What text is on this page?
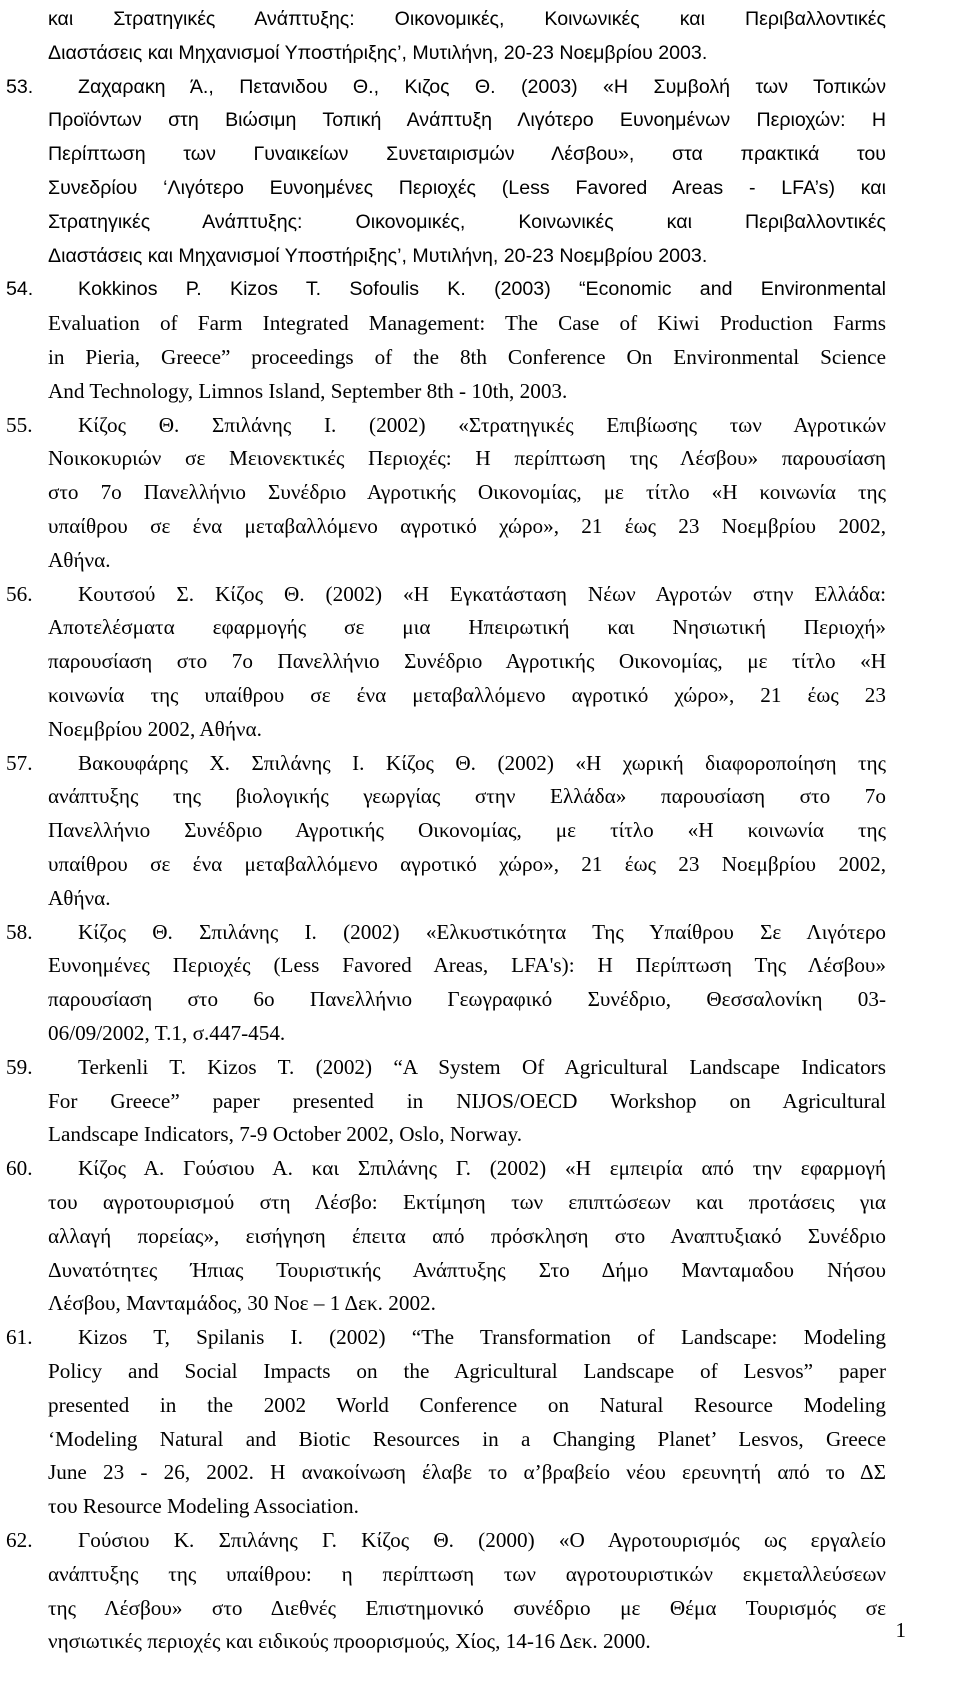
και Στρατηγικές Ανάπτυξης: Οικονομικές, Κοινωνικές και Περιβαλλοντικές
Διαστάσεις και Μηχανισμοί Υποστήριξης’, Μυτιλήνη, 20-23 Νοεμβρίου 2003.
53.	Ζαχαρακη Ά., Πετανιδου Θ., Κιζος Θ. (2003) «Η Συμβολή των Τοπικών
Προϊόντων στη Βιώσιμη Τοπική Ανάπτυξη Λιγότερο Ευνοημένων Περιοχών: Η
Περίπτωση των Γυναικείων Συνεταιρισμών Λέσβου», στα πρακτικά του
Συνεδρίου ‘Λιγότερο Ευνοημένες Περιοχές (Less Favored Areas - LFA’s) και
Στρατηγικές Ανάπτυξης: Οικονομικές, Κοινωνικές και Περιβαλλοντικές
Διαστάσεις και Μηχανισμοί Υποστήριξης’, Μυτιλήνη, 20-23 Νοεμβρίου 2003.
54.	Kokkinos P. Kizos T. Sofoulis K. (2003) “Economic and Environmental
Evaluation of Farm Integrated Management: The Case of Kiwi Production Farms
in Pieria, Greece” proceedings of the 8th Conference On Environmental Science
And Technology, Limnos Island, September 8th - 10th, 2003.
55.	Κίζος Θ. Σπιλάνης Ι. (2002) «Στρατηγικές Επιβίωσης των Αγροτικών
Νοικοκυριών σε Μειονεκτικές Περιοχές: Η περίπτωση της Λέσβου» παρουσίαση
στο 7ο Πανελλήνιο Συνέδριο Αγροτικής Οικονομίας, με τίτλο «Η κοινωνία της
υπαίθρου σε ένα μεταβαλλόμενο αγροτικό χώρο», 21 έως 23 Νοεμβρίου 2002,
Αθήνα.
56.	Κουτσού Σ. Κίζος Θ. (2002) «Η Εγκατάσταση Νέων Αγροτών στην Ελλάδα:
Αποτελέσματα εφαρμογής σε μια Ηπειρωτική και Νησιωτική Περιοχή»
παρουσίαση στο 7ο Πανελλήνιο Συνέδριο Αγροτικής Οικονομίας, με τίτλο «Η
κοινωνία της υπαίθρου σε ένα μεταβαλλόμενο αγροτικό χώρο», 21 έως 23
Νοεμβρίου 2002, Αθήνα.
57.	Βακουφάρης Χ. Σπιλάνης Ι. Κίζος Θ. (2002) «Η χωρική διαφοροποίηση της
ανάπτυξης της βιολογικής γεωργίας στην Ελλάδα» παρουσίαση στο 7ο
Πανελλήνιο Συνέδριο Αγροτικής Οικονομίας, με τίτλο «Η κοινωνία της
υπαίθρου σε ένα μεταβαλλόμενο αγροτικό χώρο», 21 έως 23 Νοεμβρίου 2002,
Αθήνα.
58.	Κίζος Θ. Σπιλάνης Ι. (2002) «Ελκυστικότητα Της Υπαίθρου Σε Λιγότερο
Ευνοημένες Περιοχές (Less Favored Areas, LFA's): Η Περίπτωση Της Λέσβου»
παρουσίαση στο 6ο Πανελλήνιο Γεωγραφικό Συνέδριο, Θεσσαλονίκη 03-
06/09/2002, Τ.1, σ.447-454.
59.	Terkenli T. Kizos T. (2002) “A System Of Agricultural Landscape Indicators
For Greece” paper presented in NIJOS/OECD Workshop on Agricultural
Landscape Indicators, 7-9 October 2002, Oslo, Norway.
60.	Κίζος Α. Γούσιου Α. και Σπιλάνης Γ. (2002) «Η εμπειρία από την εφαρμογή
του αγροτουρισμού στη Λέσβο: Εκτίμηση των επιπτώσεων και προτάσεις για
αλλαγή πορείας», εισήγηση έπειτα από πρόσκληση στο Αναπτυξιακό Συνέδριο
Δυνατότητες Ήπιας Τουριστικής Ανάπτυξης Στο Δήμο Μανταμαδου Νήσου
Λέσβου, Μανταμάδος, 30 Νοε – 1 Δεκ. 2002.
61.	Kizos T, Spilanis I. (2002) “The Transformation of Landscape: Modeling
Policy and Social Impacts on the Agricultural Landscape of Lesvos” paper
presented in the 2002 World Conference on Natural Resource Modeling
‘Modeling Natural and Biotic Resources in a Changing Planet’ Lesvos, Greece
June 23 - 26, 2002. Η ανακοίνωση έλαβε το α’βραβείο νέου ερευνητή από το ΔΣ
του Resource Modeling Association.
62.	Γούσιου Κ. Σπιλάνης Γ. Κίζος Θ. (2000) «Ο Αγροτουρισμός ως εργαλείο
ανάπτυξης της υπαίθρου: η περίπτωση των αγροτουριστικών εκμεταλλεύσεων
της Λέσβου» στο Διεθνές Επιστημονικό συνέδριο με Θέμα Τουρισμός σε
νησιωτικές περιοχές και ειδικούς προορισμούς, Χίος, 14-16 Δεκ. 2000.	1
